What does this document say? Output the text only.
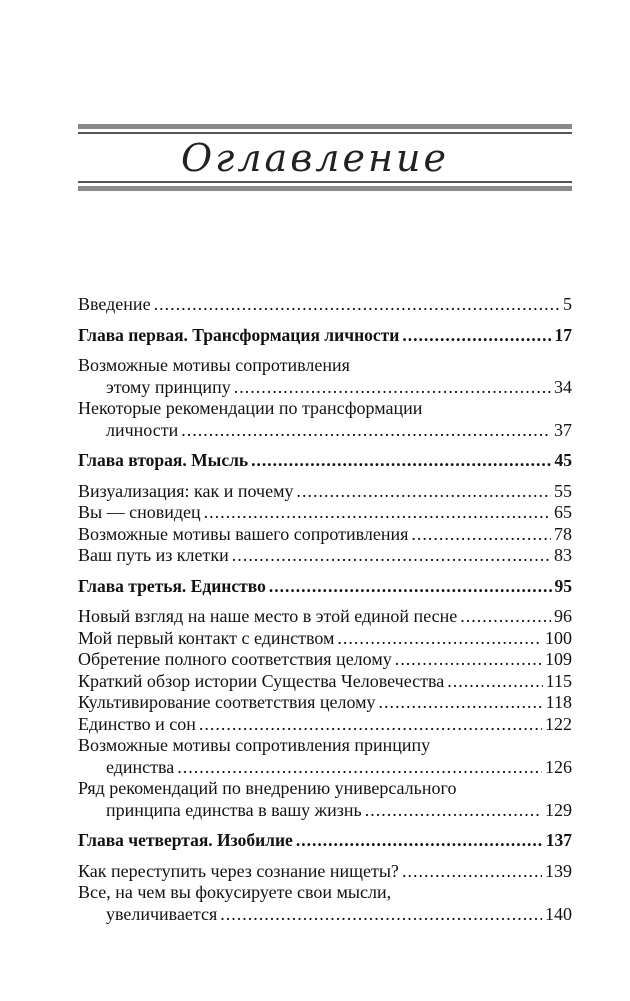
Оглавление
Введение .....	5
Глава первая. Трансформация личности .....	17
Возможные мотивы сопротивления
этому принципу .....	34
Некоторые рекомендации по трансформации
личности .....	37
Глава вторая. Мысль .....	45
Визуализация: как и почему .....	55
Вы — сновидец .....	65
Возможные мотивы вашего сопротивления .....	78
Ваш путь из клетки .....	83
Глава третья. Единство .....	95
Новый взгляд на наше место в этой единой песне .....	96
Мой первый контакт с единством .....	100
Обретение полного соответствия целому .....	109
Краткий обзор истории Существа Человечества .....	115
Культивирование соответствия целому .....	118
Единство и сон .....	122
Возможные мотивы сопротивления принципу
единства .....	126
Ряд рекомендаций по внедрению универсального
принципа единства в вашу жизнь .....	129
Глава четвертая. Изобилие .....	137
Как переступить через сознание нищеты? .....	139
Все, на чем вы фокусируете свои мысли,
увеличивается .....	140
